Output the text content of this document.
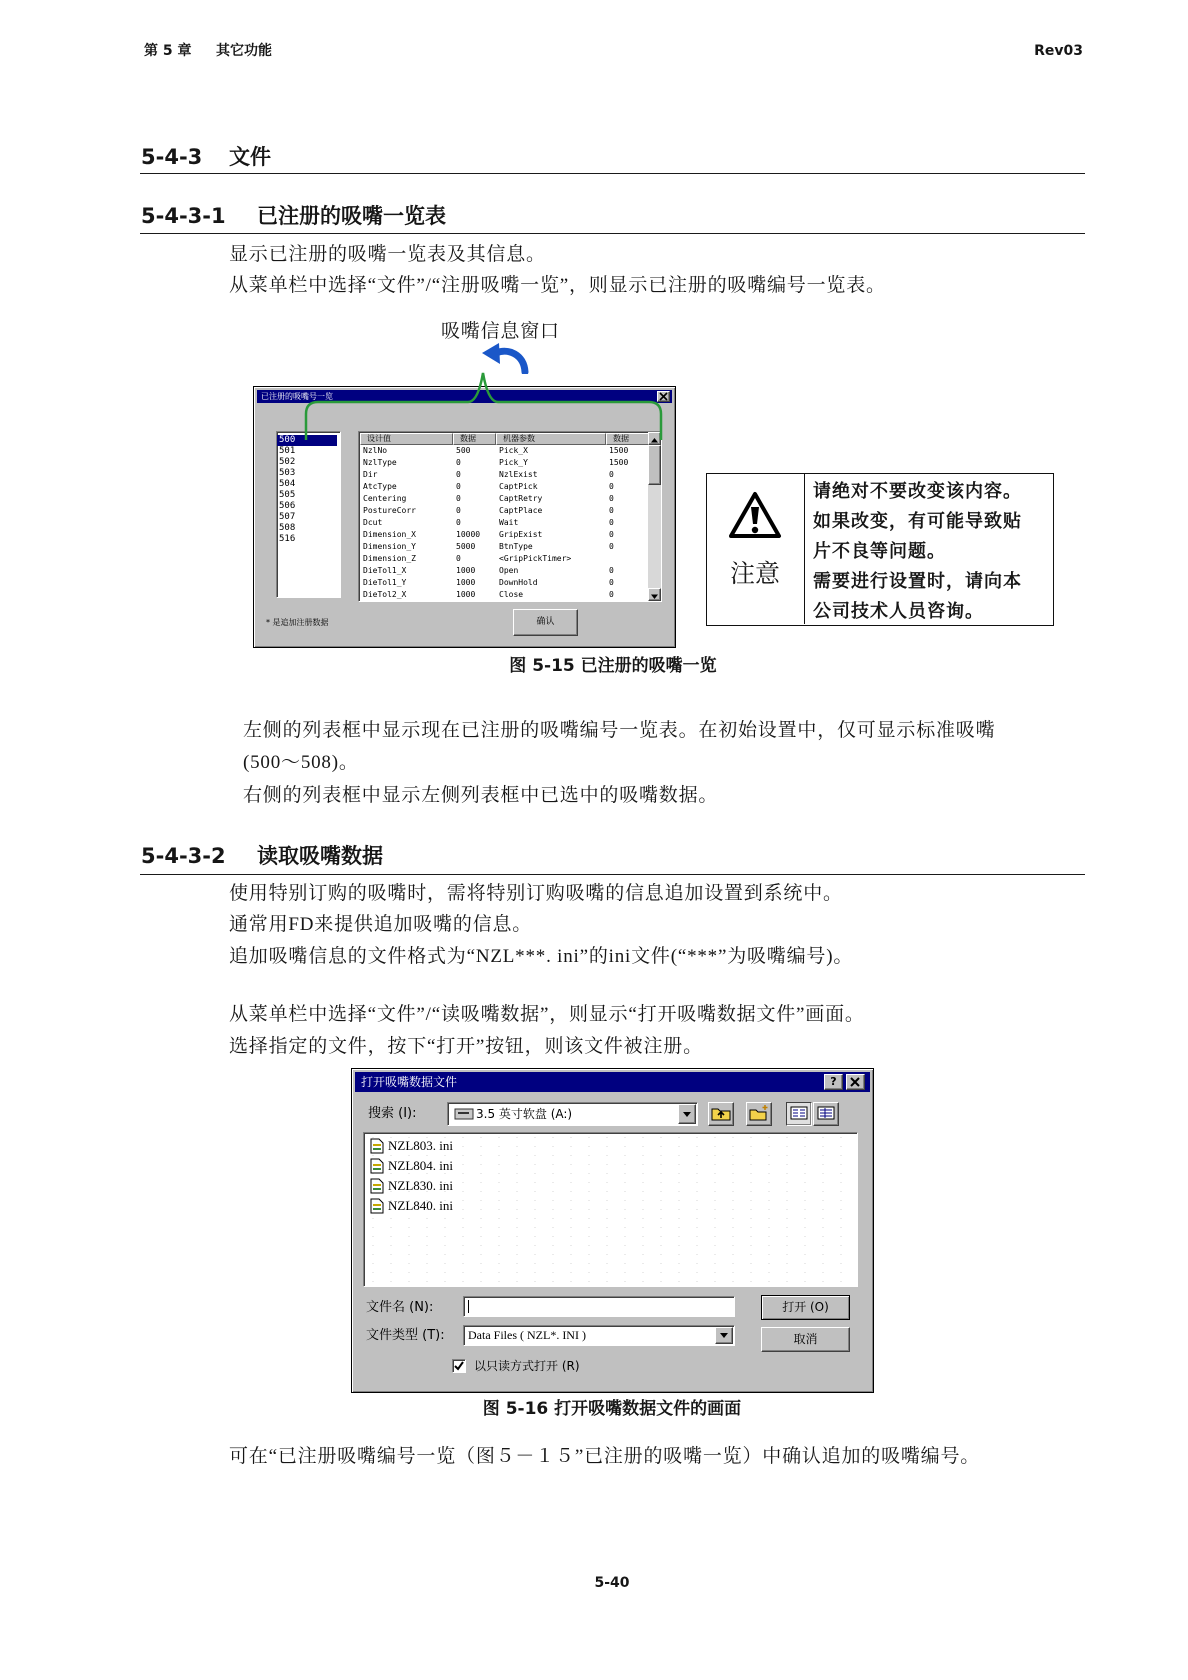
第 5 章 其它功能	Rev03
5-4-3 文件
5-4-3-1 已注册的吸嘴一览表
显示已注册的吸嘴一览表及其信息。
从菜单栏中选择“文件”/“注册吸嘴一览”，则显示已注册的吸嘴编号一览表。
吸嘴信息窗口
已注册的吸嘴号一览
500
501
502
503
504
505
506
507
508
516
设计值	数据	机器参数	数据
NzlNo	500	Pick_X	1500
NzlType	0	Pick_Y	1500
Dir	0	NzlExist	0
AtcType	0	CaptPick	0
Centering	0	CaptRetry	0
PostureCorr	0	CaptPlace	0
Dcut	0	Wait	0
Dimension_X	10000	GripExist	0
Dimension_Y	5000	BtnType	0
Dimension_Z	0	<GripPickTimer>
DieTol1_X	1000	Open	0
DieTol1_Y	1000	DownHold	0
DieTol2_X	1000	Close	0
* 是追加注册数据	确认
注意
请绝对不要改变该内容。
如果改变，有可能导致贴
片不良等问题。
需要进行设置时，请向本
公司技术人员咨询。
图 5-15 已注册的吸嘴一览
左侧的列表框中显示现在已注册的吸嘴编号一览表。在初始设置中，仅可显示标准吸嘴
(500～508)。
右侧的列表框中显示左侧列表框中已选中的吸嘴数据。
5-4-3-2 读取吸嘴数据
使用特别订购的吸嘴时，需将特别订购吸嘴的信息追加设置到系统中。
通常用FD来提供追加吸嘴的信息。
追加吸嘴信息的文件格式为“NZL***. ini”的ini文件(“***”为吸嘴编号)。
从菜单栏中选择“文件”/“读吸嘴数据”，则显示“打开吸嘴数据文件”画面。
选择指定的文件，按下“打开”按钮，则该文件被注册。
打开吸嘴数据文件	?
搜索 (I):	3.5 英寸软盘 (A:)
NZL803. ini
NZL804. ini
NZL830. ini
NZL840. ini
文件名 (N):	打开 (O)
文件类型 (T): Data Files ( NZL*. INI )	取消
以只读方式打开 (R)
图 5-16 打开吸嘴数据文件的画面
可在“已注册吸嘴编号一览（图５－１５”已注册的吸嘴一览）中确认追加的吸嘴编号。
5-40
